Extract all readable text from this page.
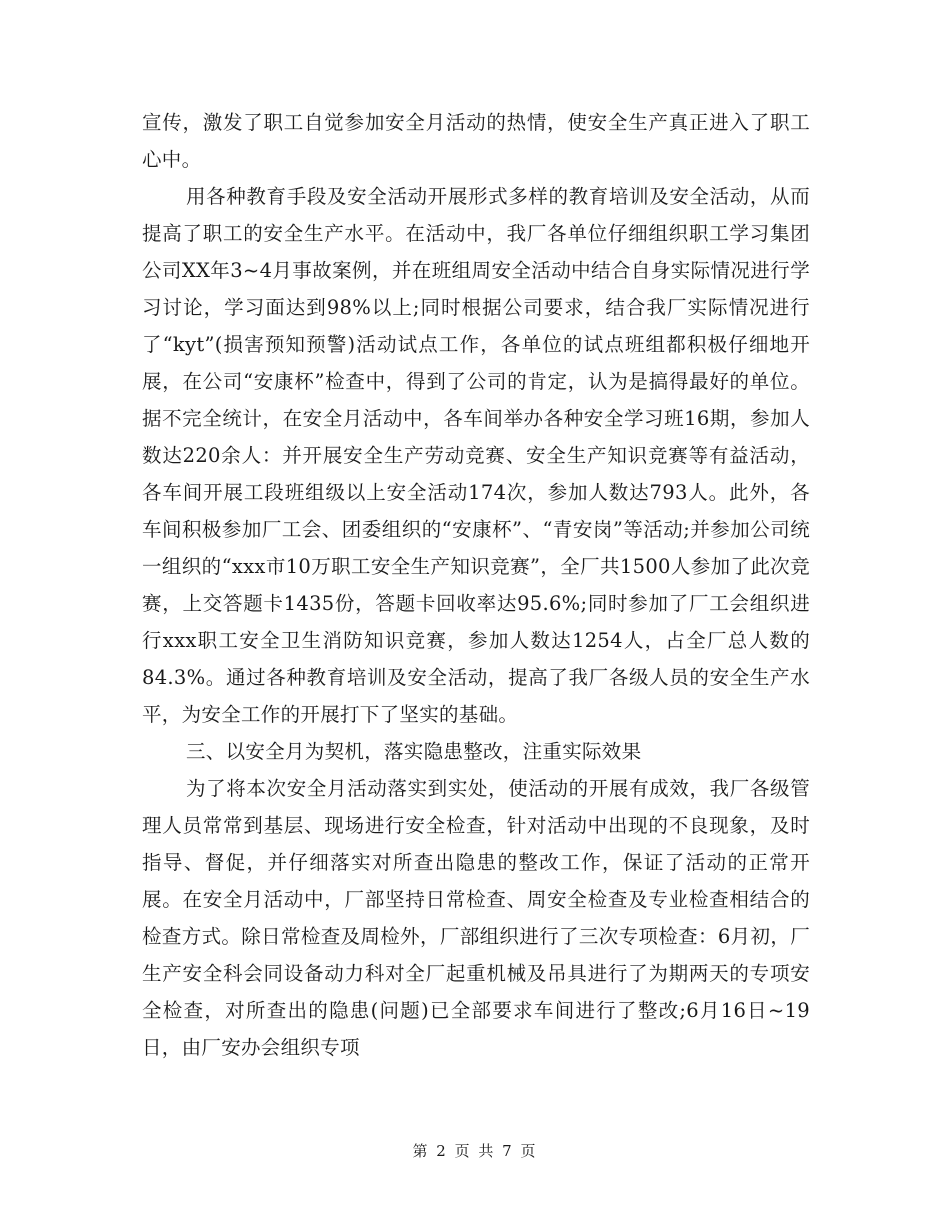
宣传，激发了职工自觉参加安全月活动的热情，使安全生产真正进入了职工心中。

用各种教育手段及安全活动开展形式多样的教育培训及安全活动，从而提高了职工的安全生产水平。在活动中，我厂各单位仔细组织职工学习集团公司XX年3~4月事故案例，并在班组周安全活动中结合自身实际情况进行学习讨论，学习面达到98%以上;同时根据公司要求，结合我厂实际情况进行了“kyt”(损害预知预警)活动试点工作，各单位的试点班组都积极仔细地开展，在公司“安康杯”检查中，得到了公司的肯定，认为是搞得最好的单位。据不完全统计，在安全月活动中，各车间举办各种安全学习班16期，参加人数达220余人：并开展安全生产劳动竞赛、安全生产知识竞赛等有益活动，各车间开展工段班组级以上安全活动174次，参加人数达793人。此外，各车间积极参加厂工会、团委组织的“安康杯”、“青安岗”等活动;并参加公司统一组织的“xxx市10万职工安全生产知识竞赛”，全厂共1500人参加了此次竞赛，上交答题卡1435份，答题卡回收率达95.6%;同时参加了厂工会组织进行xxx职工安全卫生消防知识竞赛，参加人数达1254人，占全厂总人数的84.3%。通过各种教育培训及安全活动，提高了我厂各级人员的安全生产水平，为安全工作的开展打下了坚实的基础。

三、以安全月为契机，落实隐患整改，注重实际效果

为了将本次安全月活动落实到实处，使活动的开展有成效，我厂各级管理人员常常到基层、现场进行安全检查，针对活动中出现的不良现象，及时指导、督促，并仔细落实对所查出隐患的整改工作，保证了活动的正常开展。在安全月活动中，厂部坚持日常检查、周安全检查及专业检查相结合的检查方式。除日常检查及周检外，厂部组织进行了三次专项检查：6月初，厂生产安全科会同设备动力科对全厂起重机械及吊具进行了为期两天的专项安全检查，对所查出的隐患(问题)已全部要求车间进行了整改;6月16日~19日，由厂安办会组织专项

第 2 页 共 7 页
